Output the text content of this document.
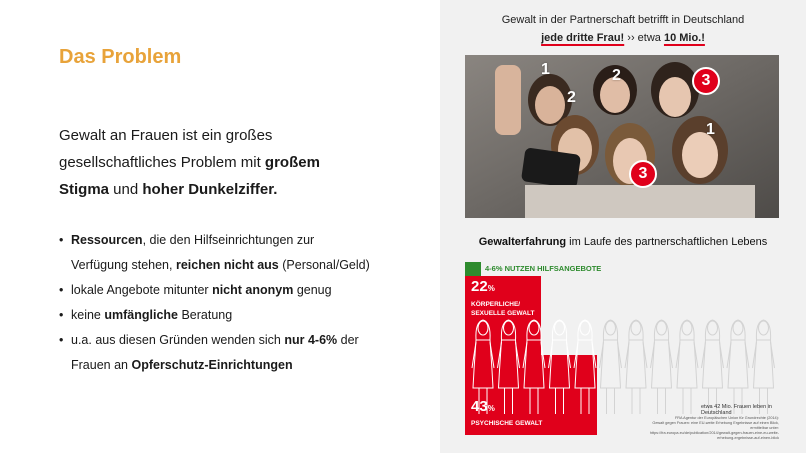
Das Problem
Gewalt an Frauen ist ein großes
gesellschaftliches Problem mit großem
Stigma und hoher Dunkelziffer.
• Ressourcen, die den Hilfseinrichtungen zur
Verfügung stehen, reichen nicht aus (Personal/Geld)
• lokale Angebote mitunter nicht anonym genug
• keine umfängliche Beratung
• u.a. aus diesen Gründen wenden sich nur 4-6% der
Frauen an Opferschutz-Einrichtungen
Gewalt in der Partnerschaft betrifft in Deutschland
jede dritte Frau! ›› etwa 10 Mio.!
1	2
2
3
1
3
Gewalterfahrung im Laufe des partnerschaftlichen Lebens
4-6% NUTZEN HILFSANGEBOTE
22%
KÖRPERLICHE/
SEXUELLE GEWALT
43%
PSYCHISCHE GEWALT
etwa 42 Mio. Frauen leben in Deutschland
FRA Agentur der Europäischen Union für Grundrechte (2014):
Gewalt gegen Frauen: eine EU-weite Erhebung Ergebnisse auf einen Blick, ermittelbar unter:
https://fra.europa.eu/de/publication/2014/gewalt-gegen-frauen-eine-eu-weite-erhebung-ergebnisse-auf-einen-blick
